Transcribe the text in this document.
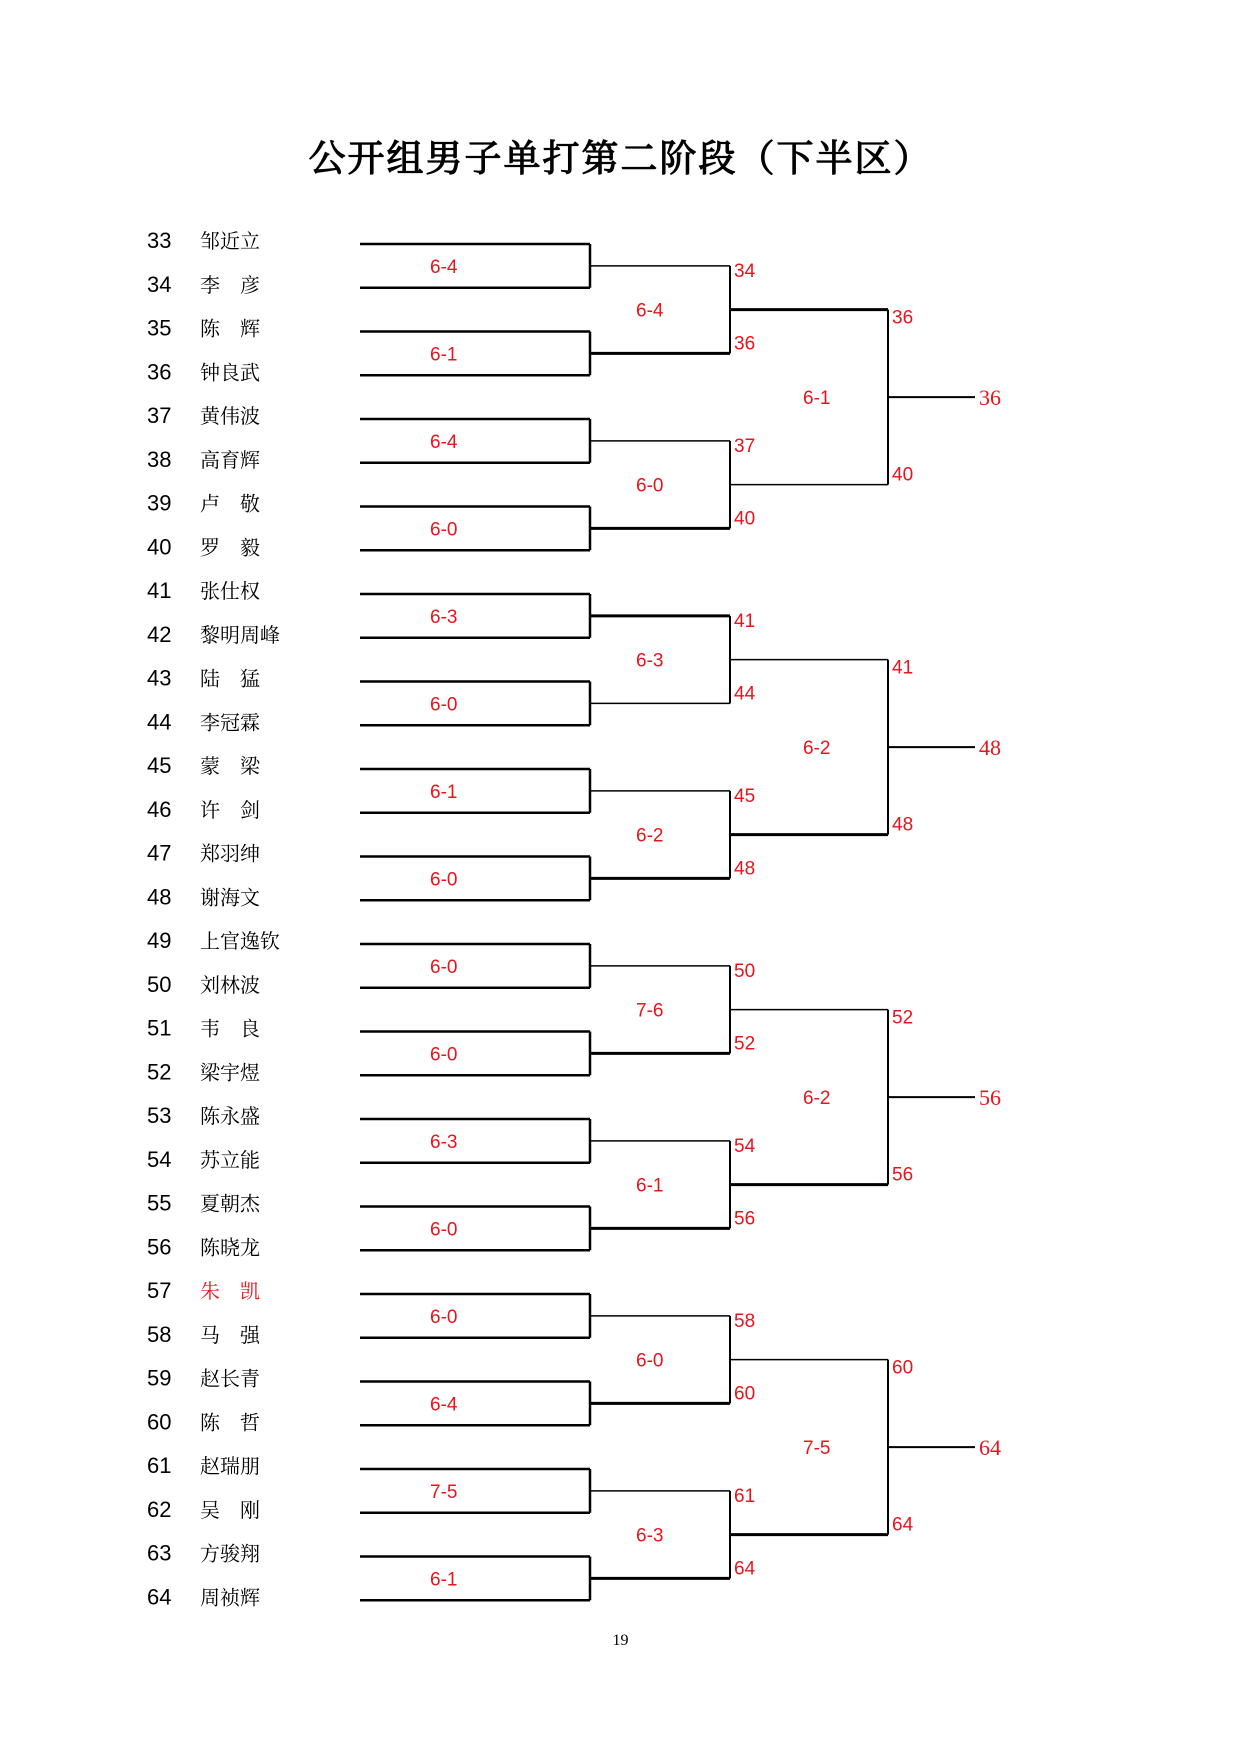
公开组男子单打第二阶段（下半区）
33 邹近立
34 李　彦
35 陈　辉
36 钟良武
37 黄伟波
38 高育辉
39 卢　敬
40 罗　毅
41 张仕权
42 黎明周峰
43 陆　猛
44 李冠霖
45 蒙　梁
46 许　剑
47 郑羽绅
48 谢海文
49 上官逸钦
50 刘林波
51 韦　良
52 梁宇煜
53 陈永盛
54 苏立能
55 夏朝杰
56 陈晓龙
57 朱　凯
58 马　强
59 赵长青
60 陈　哲
61 赵瑞朋
62 吴　刚
63 方骏翔
64 周祯辉
6-4
6-1
6-4
6-0
6-3
6-0
6-1
6-0
6-0
6-0
6-3
6-0
6-0
6-4
7-5
6-1
34
36
6-4
37
40
6-0
41
44
6-3
45
48
6-2
50
52
7-6
54
56
6-1
58
60
6-0
61
64
6-3
36
40
6-1	36
41
48
6-2	48
52
56
6-2	56
60
64
7-5	64
19
